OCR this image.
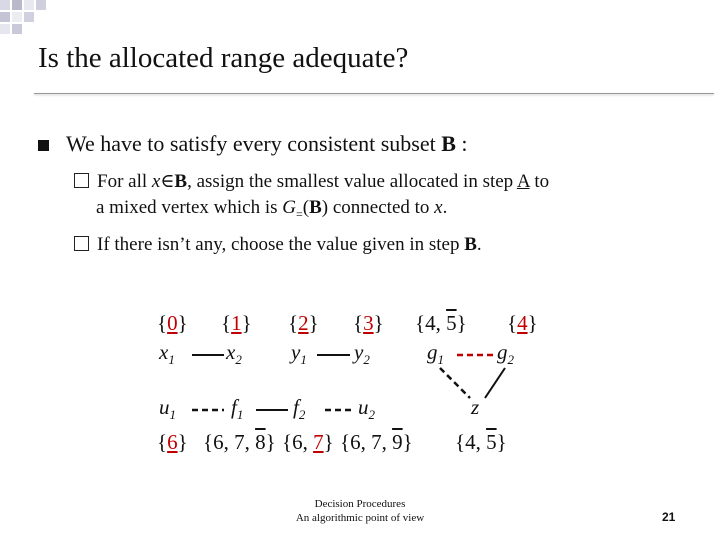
Is the allocated range adequate?
We have to satisfy every consistent subset B :
For all x∈B, assign the smallest value allocated in step A to
a mixed vertex which is $G_=(B)$ connected to x.
If there isn’t any, choose the value given in step B.
{0} {1} {2} {3} {4, 5} {4}
$x_1$ $x_2$ $y_1$ $y_2$	$g_1$	$g_2$
$u_1$	$f_1$ $f_2$	$u_2$	z
{6} {6, 7, 8} {6, 7} {6, 7, 9} {4, 5}
Decision Procedures
An algorithmic point of view	21
